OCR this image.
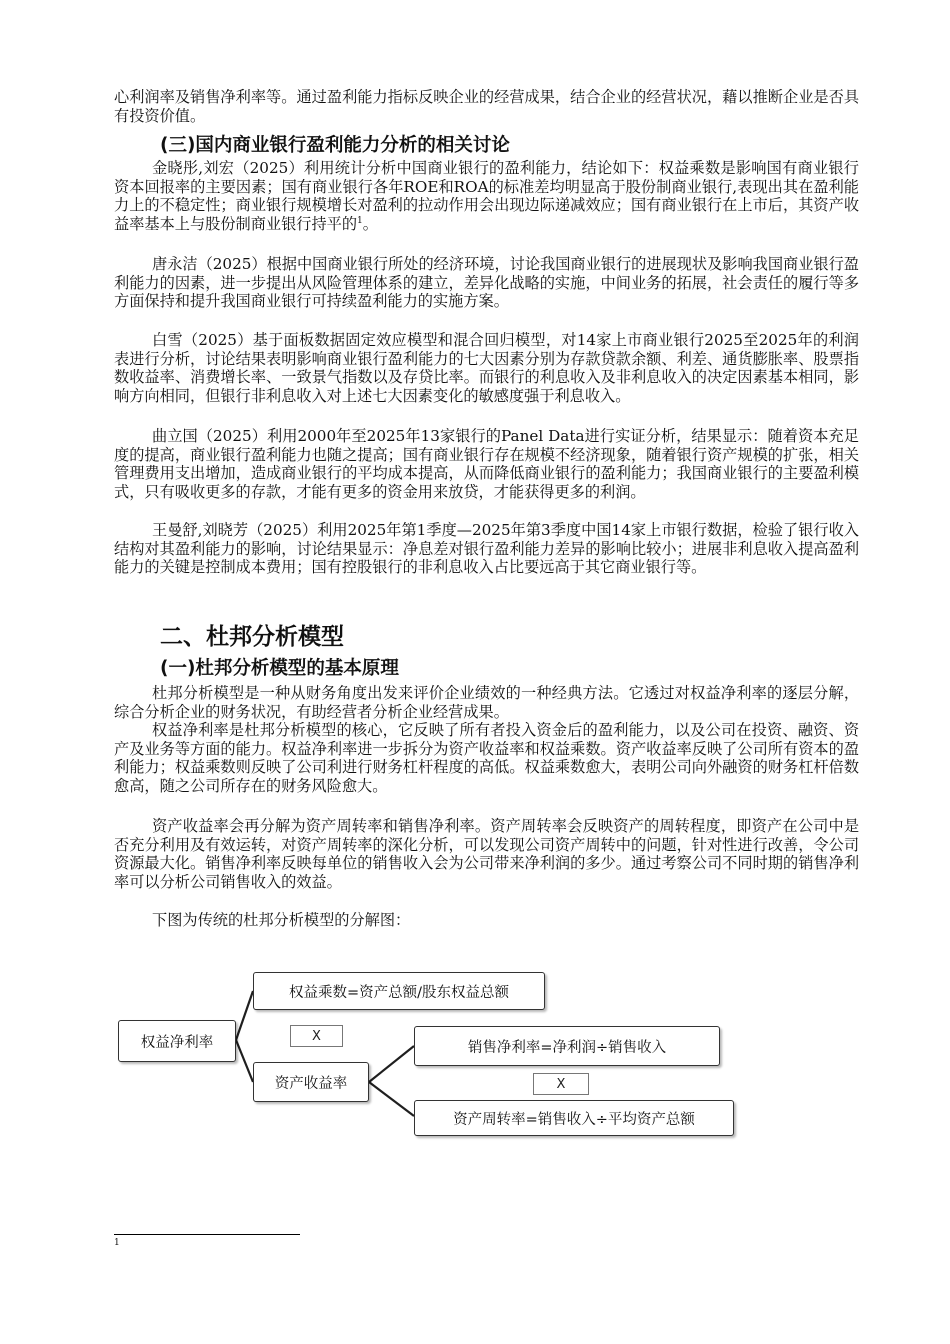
心利润率及销售净利率等。通过盈利能力指标反映企业的经营成果，结合企业的经营状况，藉以推断企业是否具有投资价值。

(三)国内商业银行盈利能力分析的相关讨论

金晓彤,刘宏（2025）利用统计分析中国商业银行的盈利能力，结论如下：权益乘数是影响国有商业银行资本回报率的主要因素；国有商业银行各年ROE和ROA的标准差均明显高于股份制商业银行,表现出其在盈利能力上的不稳定性；商业银行规模增长对盈利的拉动作用会出现边际递减效应；国有商业银行在上市后，其资产收益率基本上与股份制商业银行持平的$^1$。

唐永洁（2025）根据中国商业银行所处的经济环境，讨论我国商业银行的进展现状及影响我国商业银行盈利能力的因素，进一步提出从风险管理体系的建立，差异化战略的实施，中间业务的拓展，社会责任的履行等多方面保持和提升我国商业银行可持续盈利能力的实施方案。

白雪（2025）基于面板数据固定效应模型和混合回归模型，对14家上市商业银行2025至2025年的利润表进行分析，讨论结果表明影响商业银行盈利能力的七大因素分别为存款贷款余额、利差、通货膨胀率、股票指数收益率、消费增长率、一致景气指数以及存贷比率。而银行的利息收入及非利息收入的决定因素基本相同，影响方向相同，但银行非利息收入对上述七大因素变化的敏感度强于利息收入。

曲立国（2025）利用2000年至2025年13家银行的Panel Data进行实证分析，结果显示：随着资本充足度的提高，商业银行盈利能力也随之提高；国有商业银行存在规模不经济现象，随着银行资产规模的扩张，相关管理费用支出增加，造成商业银行的平均成本提高，从而降低商业银行的盈利能力；我国商业银行的主要盈利模式，只有吸收更多的存款，才能有更多的资金用来放贷，才能获得更多的利润。

王曼舒,刘晓芳（2025）利用2025年第1季度—2025年第3季度中国14家上市银行数据，检验了银行收入结构对其盈利能力的影响，讨论结果显示：净息差对银行盈利能力差异的影响比较小；进展非利息收入提高盈利能力的关键是控制成本费用；国有控股银行的非利息收入占比要远高于其它商业银行等。

二、杜邦分析模型
(一)杜邦分析模型的基本原理

杜邦分析模型是一种从财务角度出发来评价企业绩效的一种经典方法。它透过对权益净利率的逐层分解，综合分析企业的财务状况，有助经营者分析企业经营成果。

权益净利率是杜邦分析模型的核心，它反映了所有者投入资金后的盈利能力，以及公司在投资、融资、资产及业务等方面的能力。权益净利率进一步拆分为资产收益率和权益乘数。资产收益率反映了公司所有资本的盈利能力；权益乘数则反映了公司利进行财务杠杆程度的高低。权益乘数愈大，表明公司向外融资的财务杠杆倍数愈高，随之公司所存在的财务风险愈大。

资产收益率会再分解为资产周转率和销售净利率。资产周转率会反映资产的周转程度，即资产在公司中是否充分利用及有效运转，对资产周转率的深化分析，可以发现公司资产周转中的问题，针对性进行改善，令公司资源最大化。销售净利率反映每单位的销售收入会为公司带来净利润的多少。通过考察公司不同时期的销售净利率可以分析公司销售收入的效益。

下图为传统的杜邦分析模型的分解图：

权益净利率
权益乘数=资产总额/股东权益总额
X
资产收益率
销售净利率=净利润÷销售收入
X
资产周转率=销售收入÷平均资产总额
1
